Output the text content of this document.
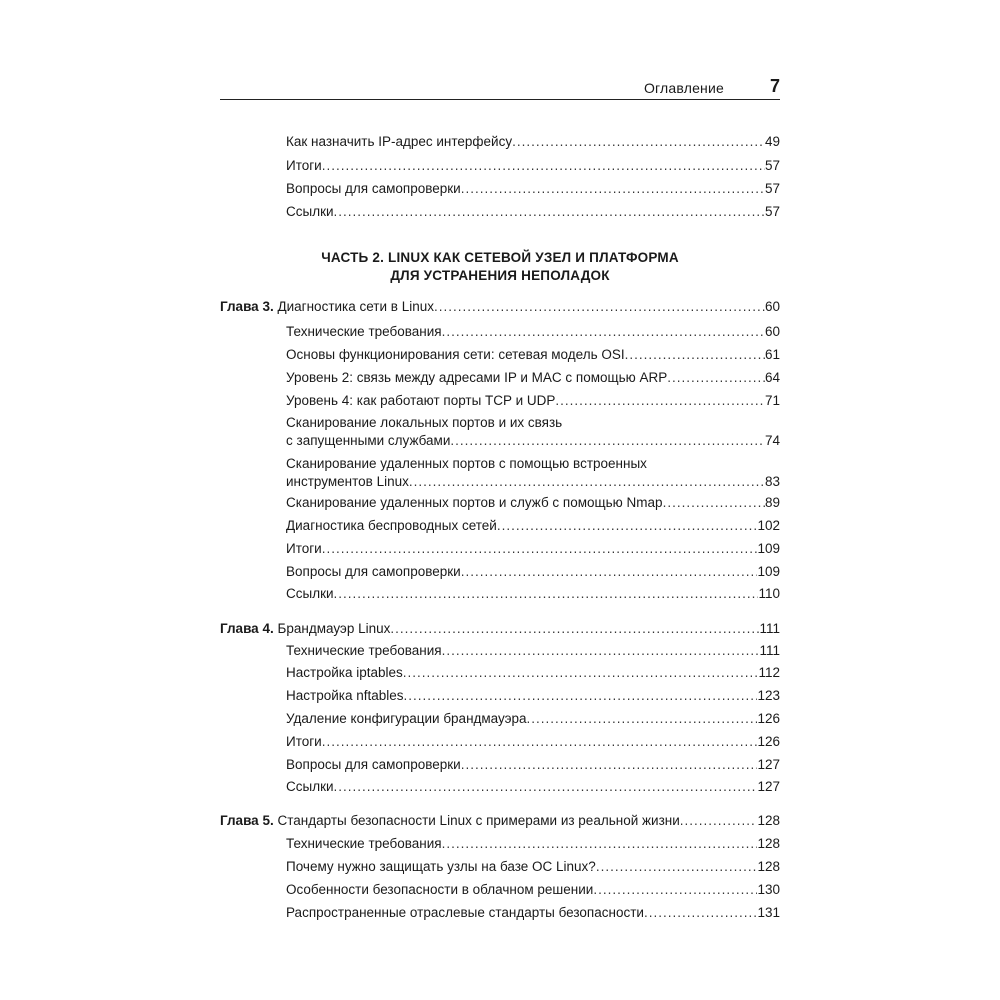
Оглавление	7
Как назначить IP-адрес интерфейсу .....	49
Итоги .....	57
Вопросы для самопроверки .....	57
Ссылки .....	57
ЧАСТЬ 2. LINUX КАК СЕТЕВОЙ УЗЕЛ И ПЛАТФОРМА
ДЛЯ УСТРАНЕНИЯ НЕПОЛАДОК
Глава 3. Диагностика сети в Linux .....	60
Технические требования .....	60
Основы функционирования сети: сетевая модель OSI .....	61
Уровень 2: связь между адресами IP и MAC с помощью ARP .....	64
Уровень 4: как работают порты TCP и UDP .....	71
Сканирование локальных портов и их связь
с запущенными службами .....	74
Сканирование удаленных портов с помощью встроенных
инструментов Linux .....	83
Сканирование удаленных портов и служб с помощью Nmap .....	89
Диагностика беспроводных сетей .....	102
Итоги .....	109
Вопросы для самопроверки .....	109
Ссылки .....	110
Глава 4. Брандмауэр Linux .....	111
Технические требования .....	111
Настройка iptables .....	112
Настройка nftables .....	123
Удаление конфигурации брандмауэра .....	126
Итоги .....	126
Вопросы для самопроверки .....	127
Ссылки .....	127
Глава 5. Стандарты безопасности Linux с примерами из реальной жизни .....	128
Технические требования .....	128
Почему нужно защищать узлы на базе ОС Linux? .....	128
Особенности безопасности в облачном решении .....	130
Распространенные отраслевые стандарты безопасности .....	131
